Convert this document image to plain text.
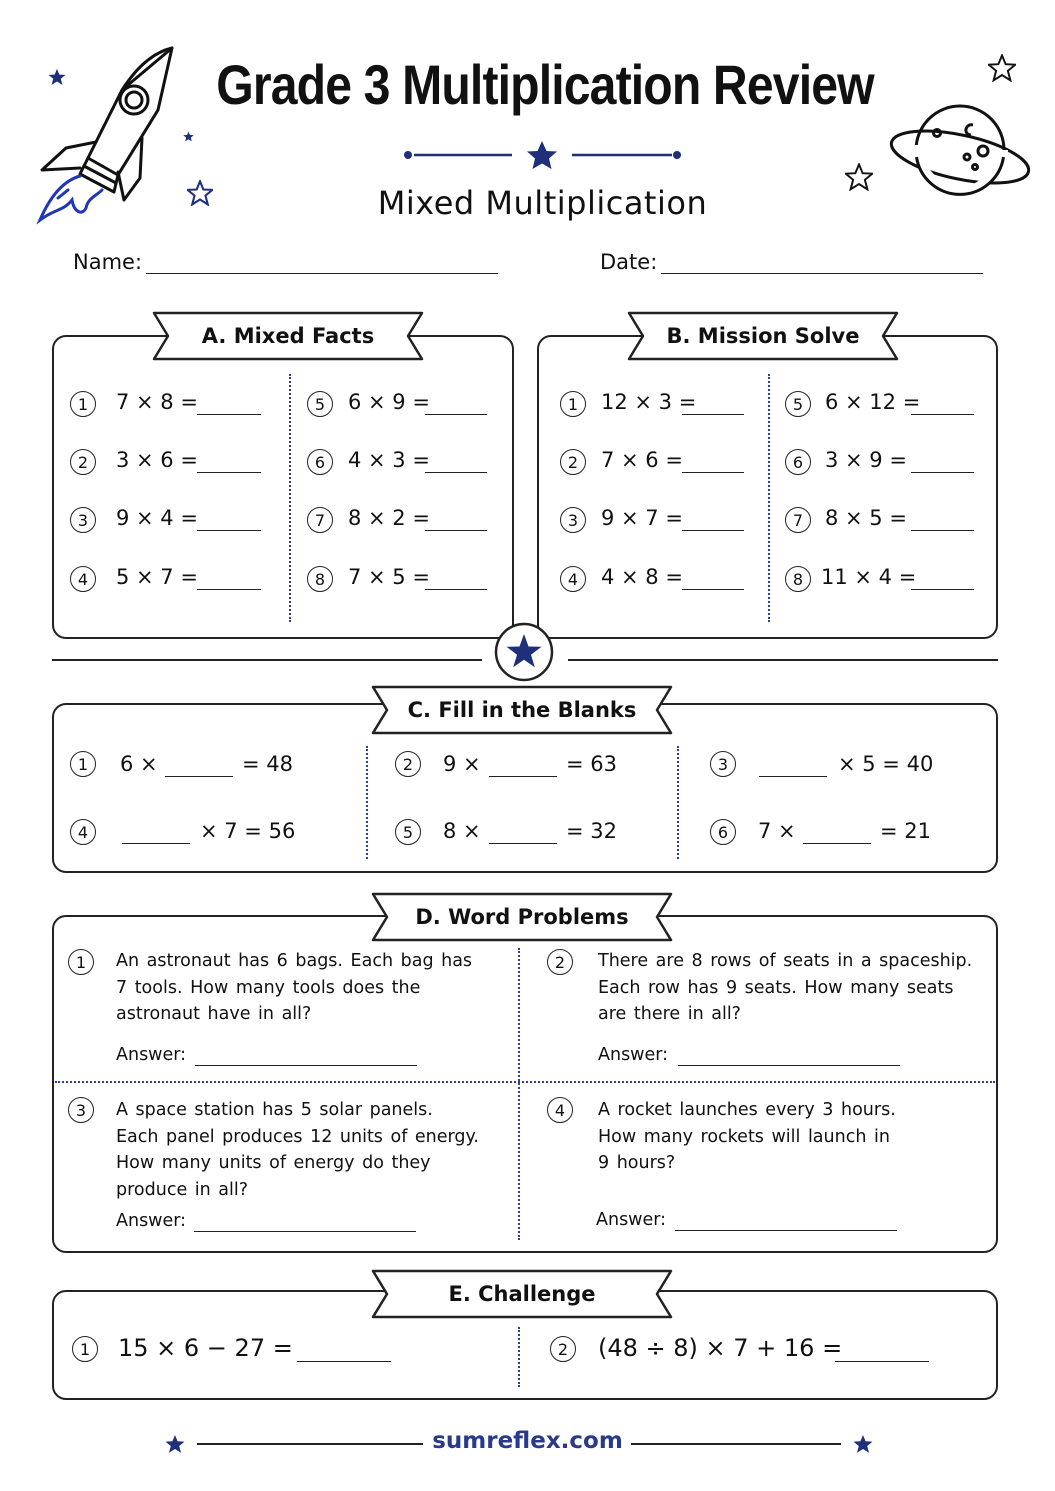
Grade 3 Multiplication Review
Mixed Multiplication
Name:	Date:
A. Mixed Facts
1	7 × 8 =
2	3 × 6 =
3	9 × 4 =
4	5 × 7 =
5	6 × 9 =
6	4 × 3 =
7	8 × 2 =
8	7 × 5 =
B. Mission Solve
1	12 × 3 =
2	7 × 6 =
3	9 × 7 =
4	4 × 8 =
5	6 × 12 =
6	3 × 9 =
7	8 × 5 =
8 11 × 4 =
C. Fill in the Blanks
1	6 ×	= 48	2	9 ×	= 63	3	× 5 = 40
4	× 7 = 56	5	8 ×	= 32	6	7 ×	= 21
D. Word Problems
1	An astronaut has 6 bags. Each bag has
7 tools. How many tools does the
astronaut have in all?
Answer:
2	There are 8 rows of seats in a spaceship.
Each row has 9 seats. How many seats
are there in all?
Answer:
3	A space station has 5 solar panels.
Each panel produces 12 units of energy.
How many units of energy do they
produce in all?
Answer:
4	A rocket launches every 3 hours.
How many rockets will launch in
9 hours?
Answer:
E. Challenge
1	15 × 6 − 27 =	2	(48 ÷ 8) × 7 + 16 =
sumreflex.com
